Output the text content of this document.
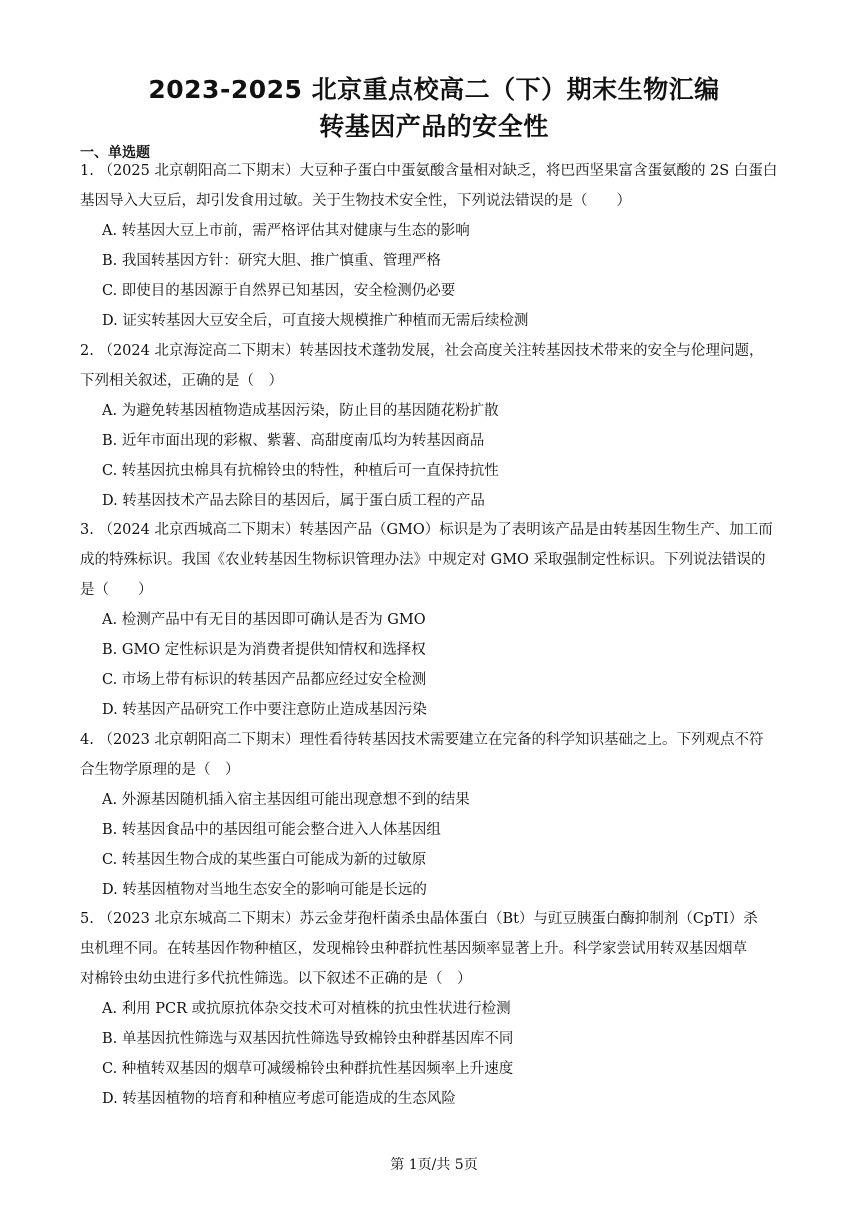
2023-2025 北京重点校高二（下）期末生物汇编
转基因产品的安全性
一、单选题
1. （2025 北京朝阳高二下期末）大豆种子蛋白中蛋氨酸含量相对缺乏，将巴西坚果富含蛋氨酸的 2S 白蛋白
基因导入大豆后，却引发食用过敏。关于生物技术安全性，下列说法错误的是（　　）
A. 转基因大豆上市前，需严格评估其对健康与生态的影响
B. 我国转基因方针：研究大胆、推广慎重、管理严格
C. 即使目的基因源于自然界已知基因，安全检测仍必要
D. 证实转基因大豆安全后，可直接大规模推广种植而无需后续检测
2. （2024 北京海淀高二下期末）转基因技术蓬勃发展，社会高度关注转基因技术带来的安全与伦理问题，
下列相关叙述，正确的是（　）
A. 为避免转基因植物造成基因污染，防止目的基因随花粉扩散
B. 近年市面出现的彩椒、紫薯、高甜度南瓜均为转基因商品
C. 转基因抗虫棉具有抗棉铃虫的特性，种植后可一直保持抗性
D. 转基因技术产品去除目的基因后，属于蛋白质工程的产品
3. （2024 北京西城高二下期末）转基因产品（GMO）标识是为了表明该产品是由转基因生物生产、加工而
成的特殊标识。我国《农业转基因生物标识管理办法》中规定对 GMO 采取强制定性标识。下列说法错误的
是（　　）
A. 检测产品中有无目的基因即可确认是否为 GMO
B. GMO 定性标识是为消费者提供知情权和选择权
C. 市场上带有标识的转基因产品都应经过安全检测
D. 转基因产品研究工作中要注意防止造成基因污染
4. （2023 北京朝阳高二下期末）理性看待转基因技术需要建立在完备的科学知识基础之上。下列观点不符
合生物学原理的是（　）
A. 外源基因随机插入宿主基因组可能出现意想不到的结果
B. 转基因食品中的基因组可能会整合进入人体基因组
C. 转基因生物合成的某些蛋白可能成为新的过敏原
D. 转基因植物对当地生态安全的影响可能是长远的
5. （2023 北京东城高二下期末）苏云金芽孢杆菌杀虫晶体蛋白（Bt）与豇豆胰蛋白酶抑制剂（CpTⅠ）杀
虫机理不同。在转基因作物种植区，发现棉铃虫种群抗性基因频率显著上升。科学家尝试用转双基因烟草
对棉铃虫幼虫进行多代抗性筛选。以下叙述不正确的是（　）
A. 利用 PCR 或抗原抗体杂交技术可对植株的抗虫性状进行检测
B. 单基因抗性筛选与双基因抗性筛选导致棉铃虫种群基因库不同
C. 种植转双基因的烟草可减缓棉铃虫种群抗性基因频率上升速度
D. 转基因植物的培育和种植应考虑可能造成的生态风险
第 1页/共 5页
